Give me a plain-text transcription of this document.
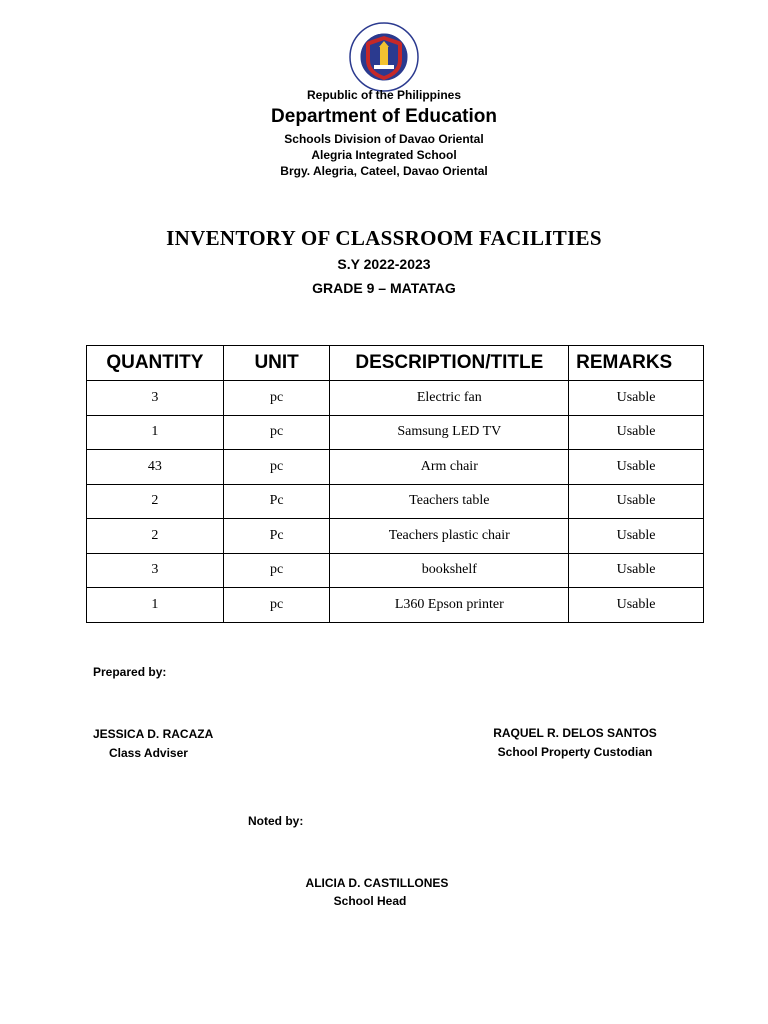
Republic of the Philippines
Department of Education
Schools Division of Davao Oriental
Alegria Integrated School
Brgy. Alegria, Cateel, Davao Oriental
INVENTORY OF CLASSROOM FACILITIES
S.Y 2022-2023
GRADE 9 – MATATAG
QUANTITY	UNIT	DESCRIPTION/TITLE	REMARKS
3	pc	Electric fan	Usable
1	pc	Samsung LED TV	Usable
43	pc	Arm chair	Usable
2	Pc	Teachers table	Usable
2	Pc	Teachers plastic chair	Usable
3	pc	bookshelf	Usable
1	pc	L360 Epson printer	Usable
Prepared by:
JESSICA D. RACAZA
Class Adviser
RAQUEL R. DELOS SANTOS
School Property Custodian
Noted by:
ALICIA D. CASTILLONES
School Head
